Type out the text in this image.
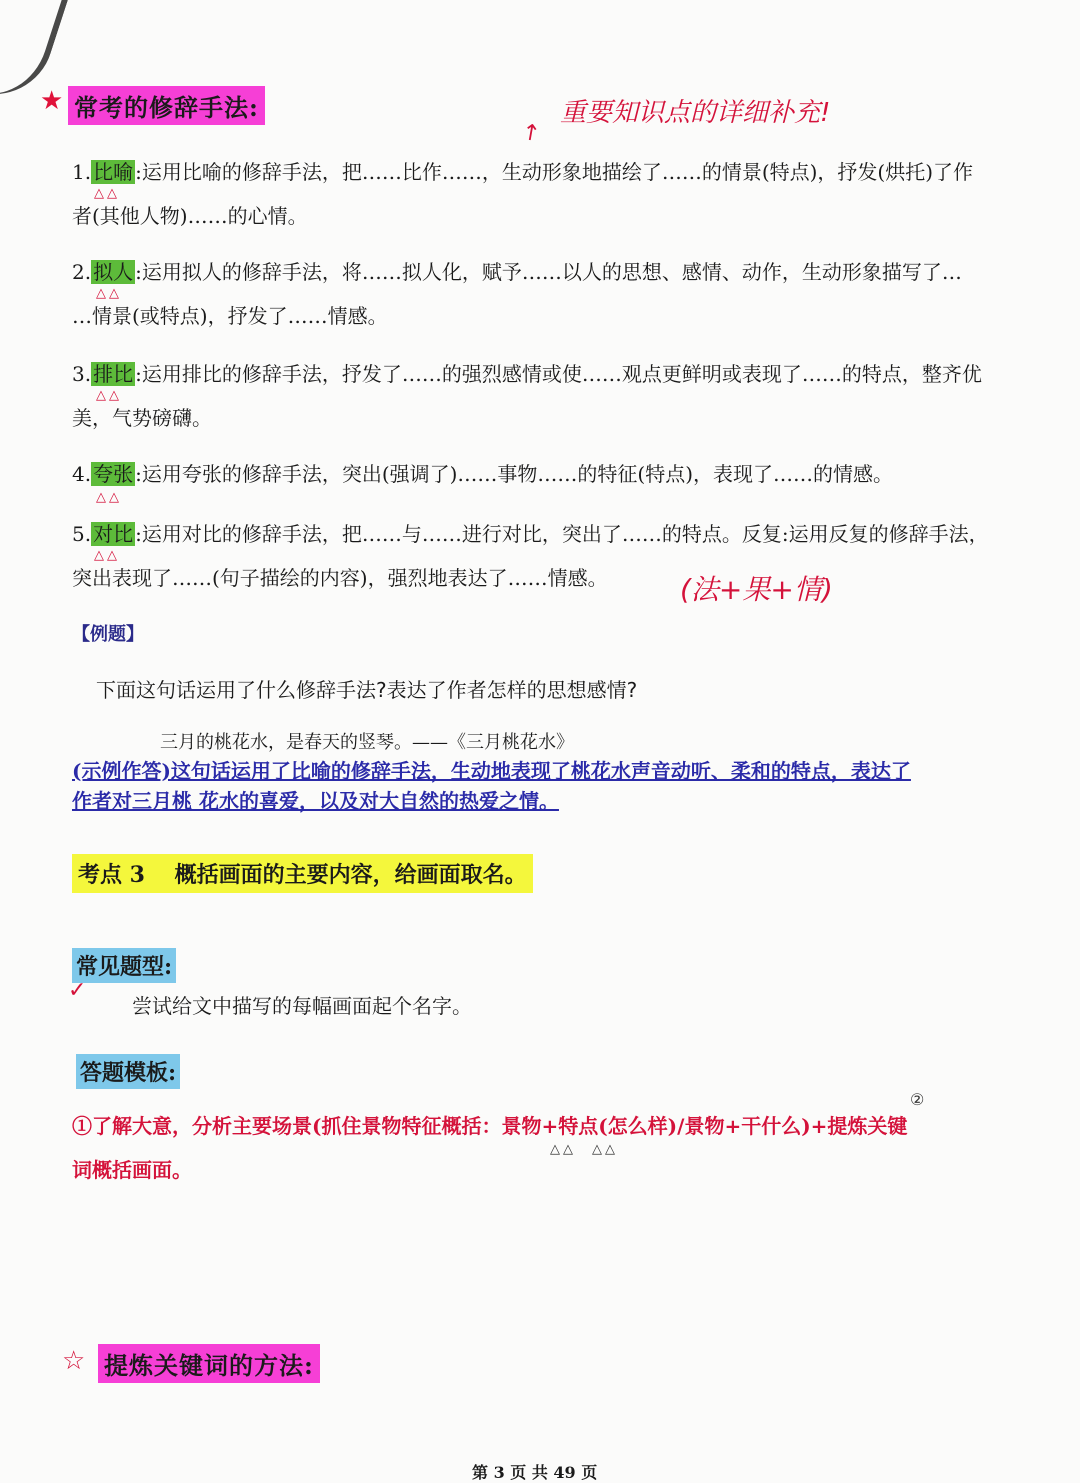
★ 常考的修辞手法:	重要知识点的详细补充!
↗
1. 比喻 :运用比喻的修辞手法，把……比作……，生动形象地描绘了……的情景(特点)，抒发(烘托)了作
△△
者(其他人物)……的心情。
2. 拟人 :运用拟人的修辞手法，将……拟人化，赋予……以人的思想、感情、动作，生动形象描写了…
△△
…情景(或特点)，抒发了……情感。
3. 排比 :运用排比的修辞手法，抒发了……的强烈感情或使……观点更鲜明或表现了……的特点，整齐优
△△
美，气势磅礴。
4. 夸张 :运用夸张的修辞手法，突出(强调了)……事物……的特征(特点)，表现了……的情感。
△△
5. 对比 :运用对比的修辞手法，把……与……进行对比，突出了……的特点。反复:运用反复的修辞手法，
△△
突出表现了……(句子描绘的内容)，强烈地表达了……情感。	(法+果+情)
【例题】
下面这句话运用了什么修辞手法?表达了作者怎样的思想感情?
三月的桃花水，是春天的竖琴。——《三月桃花水》
(示例作答)这句话运用了比喻的修辞手法，生动地表现了桃花水声音动听、柔和的特点，表达了
作者对三月桃 花水的喜爱，以及对大自然的热爱之情。
考点 3　 概括画面的主要内容，给画面取名。
常见题型:
✓
尝试给文中描写的每幅画面起个名字。
答题模板:
①了解大意，分析主要场景(抓住景物特征概括：景物+特点(怎么样)/景物+干什么)+提炼关键
②
△△　△△
词概括画面。
☆ 提炼关键词的方法:
第 3 页 共 49 页
